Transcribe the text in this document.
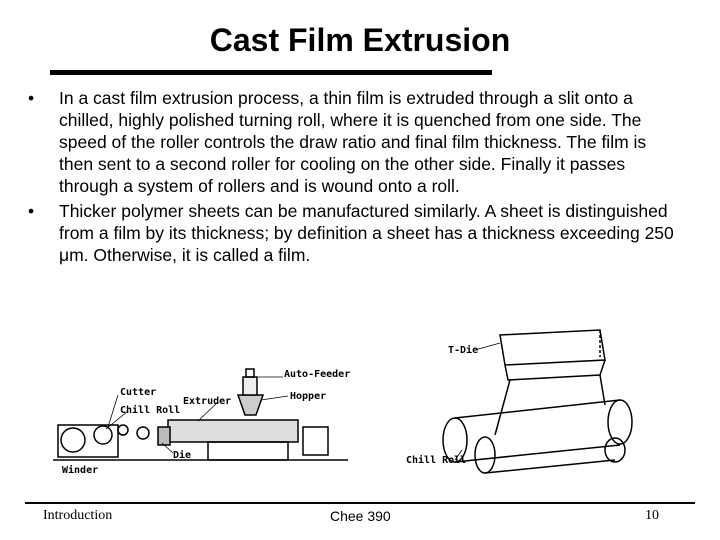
Cast Film Extrusion
• In a cast film extrusion process, a thin film is extruded through a slit onto a chilled, highly polished turning roll, where it is quenched from one side. The speed of the roller controls the draw ratio and final film thickness. The film is then sent to a second roller for cooling on the other side. Finally it passes through a system of rollers and is wound onto a roll.
• Thicker polymer sheets can be manufactured similarly. A sheet is distinguished from a film by its thickness; by definition a sheet has a thickness exceeding 250 μm. Otherwise, it is called a film.
Cutter
Chill Roll
Extruder
Auto-Feeder
Hopper
Die
Winder
T-Die
Chill Roll
Introduction	Chee 390	10
